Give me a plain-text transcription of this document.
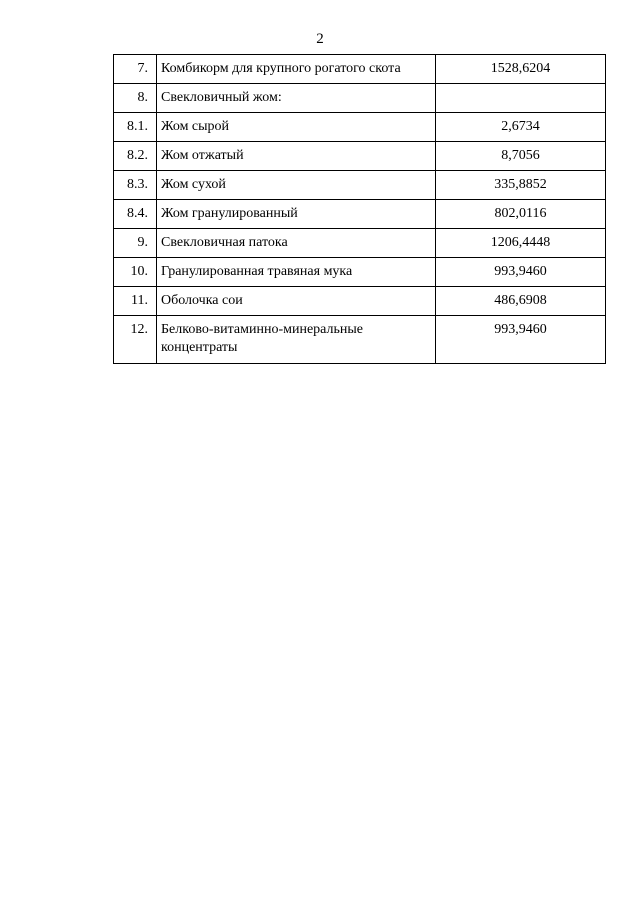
2
7.	Комбикорм для крупного рогатого скота	1528,6204
8.	Свекловичный жом:	
8.1.	Жом сырой	2,6734
8.2.	Жом отжатый	8,7056
8.3.	Жом сухой	335,8852
8.4.	Жом гранулированный	802,0116
9.	Свекловичная патока	1206,4448
10.	Гранулированная травяная мука	993,9460
11.	Оболочка сои	486,6908
12.	Белково-витаминно-минеральные концентраты	993,9460
